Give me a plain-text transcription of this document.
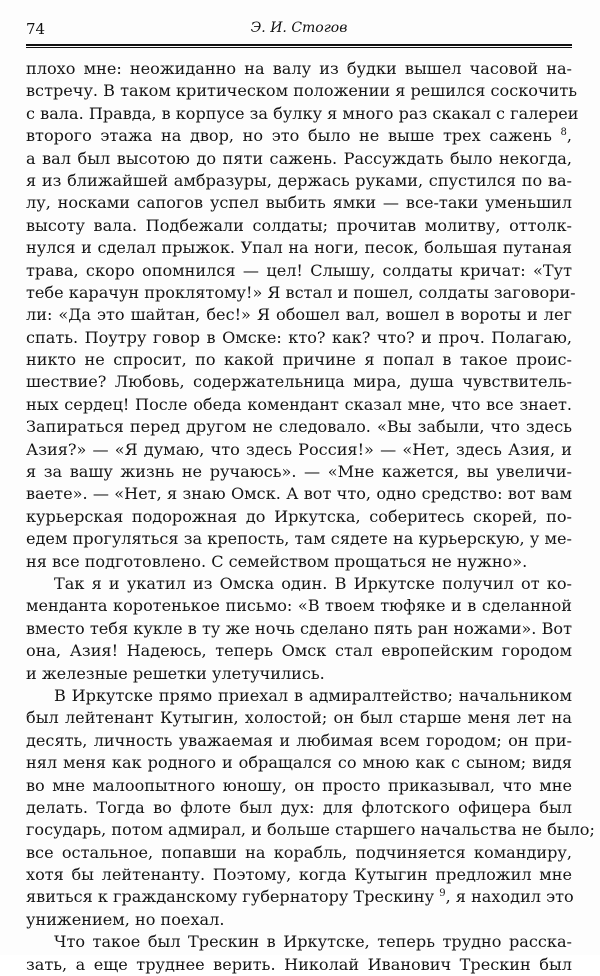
74	Э. И. Стогов
плохо мне: неожиданно на валу из будки вышел часовой на-
встречу. В таком критическом положении я решился соскочить
с вала. Правда, в корпусе за булку я много раз скакал с галереи
второго этажа на двор, но это было не выше трех сажень $^8$,
а вал был высотою до пяти сажень. Рассуждать было некогда,
я из ближайшей амбразуры, держась руками, спустился по ва-
лу, носками сапогов успел выбить ямки — все-таки уменьшил
высоту вала. Подбежали солдаты; прочитав молитву, оттолк-
нулся и сделал прыжок. Упал на ноги, песок, большая путаная
трава, скоро опомнился — цел! Слышу, солдаты кричат: «Тут
тебе карачун проклятому!» Я встал и пошел, солдаты заговори-
ли: «Да это шайтан, бес!» Я обошел вал, вошел в вороты и лег
спать. Поутру говор в Омске: кто? как? что? и проч. Полагаю,
никто не спросит, по какой причине я попал в такое проис-
шествие? Любовь, содержательница мира, душа чувствитель-
ных сердец! После обеда комендант сказал мне, что все знает.
Запираться перед другом не следовало. «Вы забыли, что здесь
Азия?» — «Я думаю, что здесь Россия!» — «Нет, здесь Азия, и
я за вашу жизнь не ручаюсь». — «Мне кажется, вы увеличи-
ваете». — «Нет, я знаю Омск. А вот что, одно средство: вот вам
курьерская подорожная до Иркутска, соберитесь скорей, по-
едем прогуляться за крепость, там сядете на курьерскую, у ме-
ня все подготовлено. С семейством прощаться не нужно».
Так я и укатил из Омска один. В Иркутске получил от ко-
менданта коротенькое письмо: «В твоем тюфяке и в сделанной
вместо тебя кукле в ту же ночь сделано пять ран ножами». Вот
она, Азия! Надеюсь, теперь Омск стал европейским городом
и железные решетки улетучились.
В Иркутске прямо приехал в адмиралтейство; начальником
был лейтенант Кутыгин, холостой; он был старше меня лет на
десять, личность уважаемая и любимая всем городом; он при-
нял меня как родного и обращался со мною как с сыном; видя
во мне малоопытного юношу, он просто приказывал, что мне
делать. Тогда во флоте был дух: для флотского офицера был
государь, потом адмирал, и больше старшего начальства не было;
все остальное, попавши на корабль, подчиняется командиру,
хотя бы лейтенанту. Поэтому, когда Кутыгин предложил мне
явиться к гражданскому губернатору Трескину $^9$, я находил это
унижением, но поехал.
Что такое был Трескин в Иркутске, теперь трудно расска-
зать, а еще труднее верить. Николай Иванович Трескин был
